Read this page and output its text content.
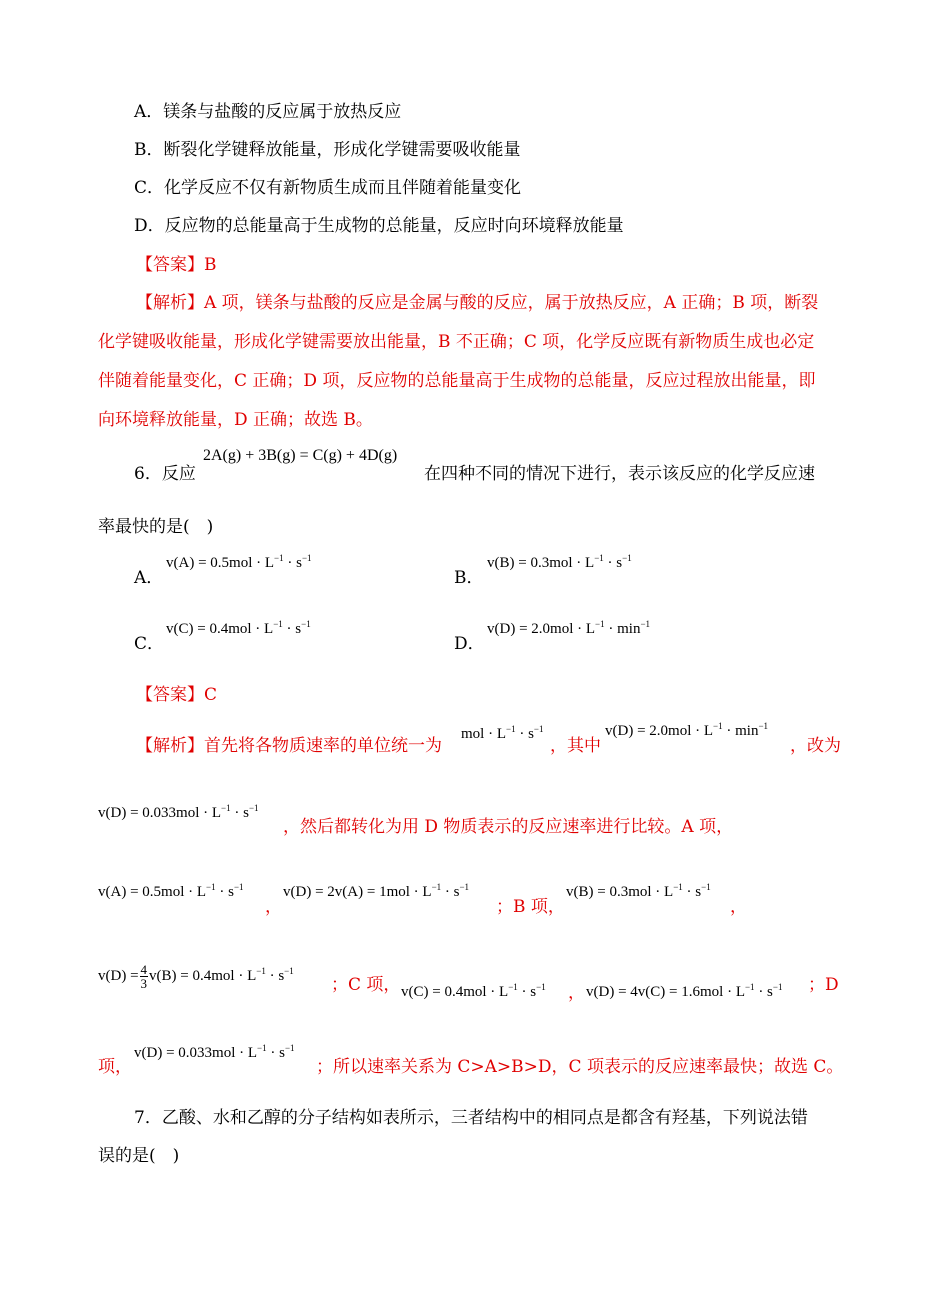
A．镁条与盐酸的反应属于放热反应
B．断裂化学键释放能量，形成化学键需要吸收能量
C．化学反应不仅有新物质生成而且伴随着能量变化
D．反应物的总能量高于生成物的总能量，反应时向环境释放能量
【答案】B
【解析】A 项，镁条与盐酸的反应是金属与酸的反应，属于放热反应，A 正确；B 项，断裂
化学键吸收能量，形成化学键需要放出能量，B 不正确；C 项，化学反应既有新物质生成也必定
伴随着能量变化，C 正确；D 项，反应物的总能量高于生成物的总能量，反应过程放出能量，即
向环境释放能量，D 正确；故选 B。
6．反应
2A(g) + 3B(g) = C(g) + 4D(g)
在四种不同的情况下进行，表示该反应的化学反应速
率最快的是(　)
A．
$v(A) = 0.5mol \cdot L^{-1} \cdot s^{-1}$
B．
$v(B) = 0.3mol \cdot L^{-1} \cdot s^{-1}$
C．
$v(C) = 0.4mol \cdot L^{-1} \cdot s^{-1}$
D．
$v(D) = 2.0mol \cdot L^{-1} \cdot \min^{-1}$
【答案】C
【解析】首先将各物质速率的单位统一为
mol · $L^{-1} \cdot s^{-1}$
，其中
$v(D) = 2.0mol \cdot L^{-1} \cdot \min^{-1}$
，改为
$v(D) = 0.033mol \cdot L^{-1} \cdot s^{-1}$
，然后都转化为用 D 物质表示的反应速率进行比较。A 项，
$v(A) = 0.5mol \cdot L^{-1} \cdot s^{-1}$
，
$v(D) = 2v(A) = 1mol \cdot L^{-1} \cdot s^{-1}$
；B 项，
$v(B) = 0.3mol \cdot L^{-1} \cdot s^{-1}$
，
$v(D) = \frac{4}{3} v(B) = 0.4mol \cdot L^{-1} \cdot s^{-1}$
；C 项， $v(C) = 0.4mol \cdot L^{-1} \cdot s^{-1}$ ， $v(D) = 4v(C) = 1.6mol \cdot L^{-1} \cdot s^{-1}$ ；D
项，
$v(D) = 0.033mol \cdot L^{-1} \cdot s^{-1}$
；所以速率关系为 C>A>B>D，C 项表示的反应速率最快；故选 C。
7．乙酸、水和乙醇的分子结构如表所示，三者结构中的相同点是都含有羟基，下列说法错
误的是(　)
